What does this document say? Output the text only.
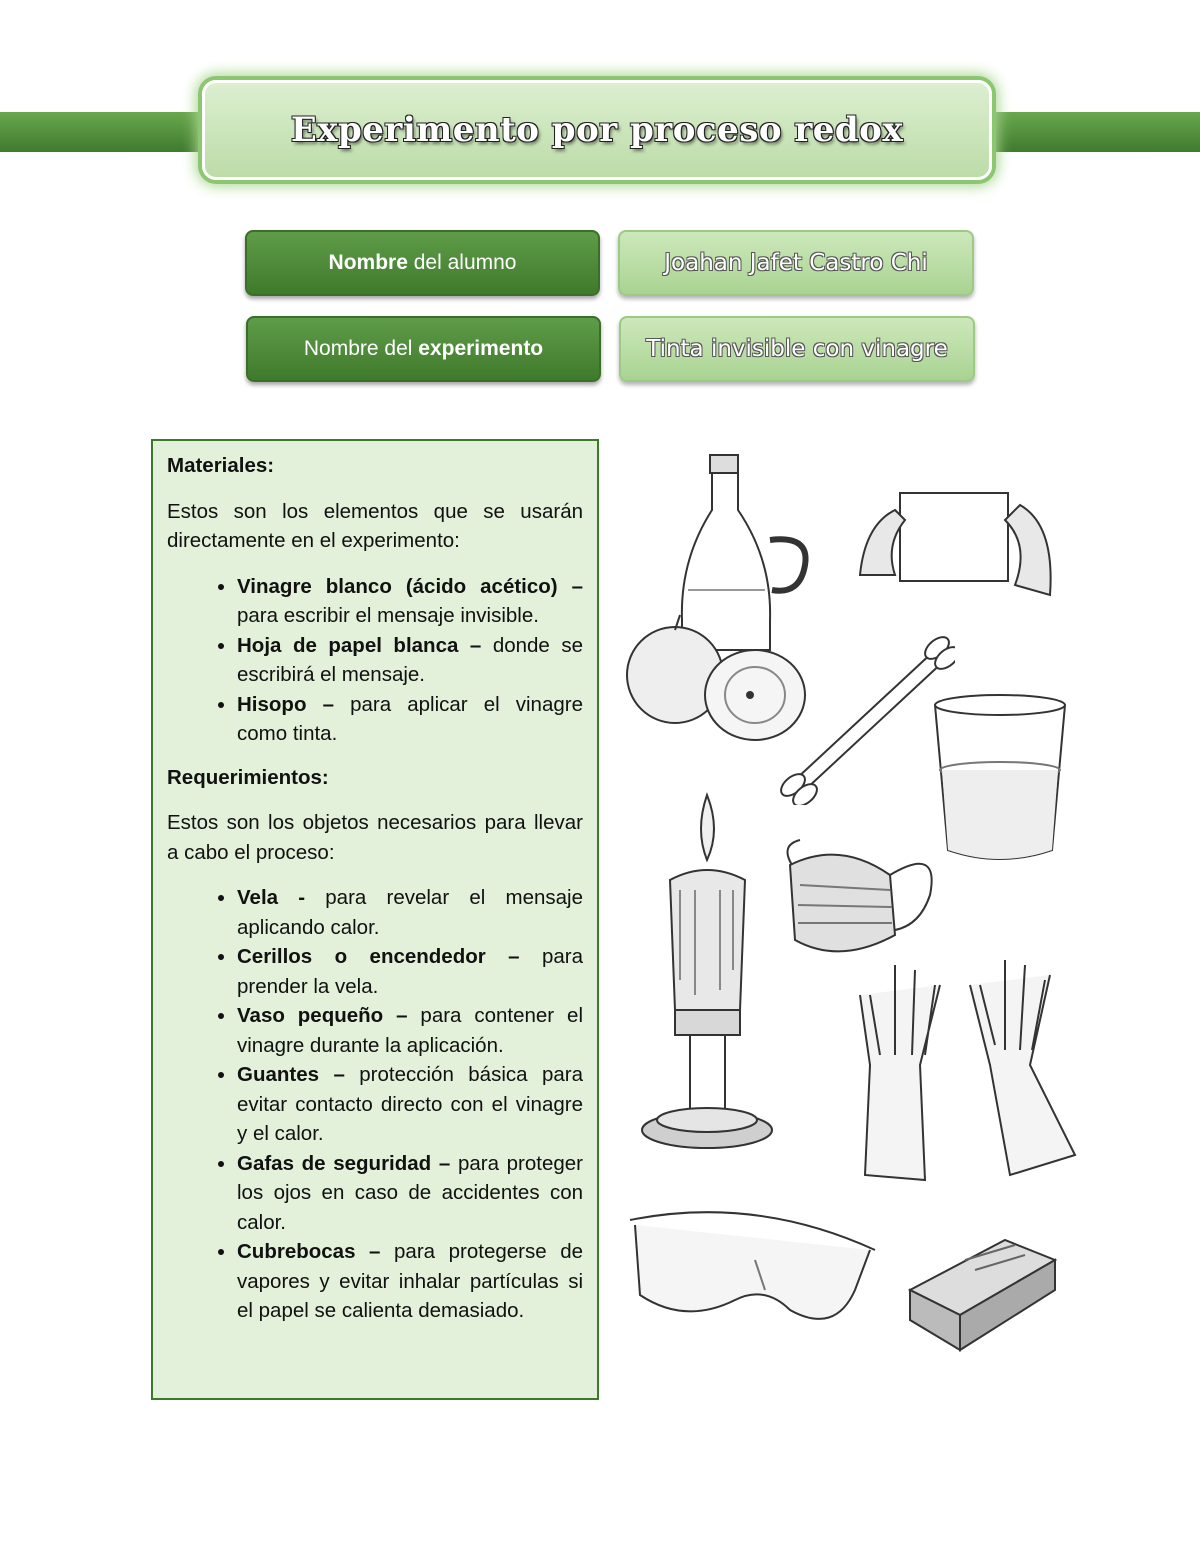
Experimento por proceso redox
Nombre del alumno	Joahan Jafet Castro Chi
Nombre del experimento	Tinta invisible con vinagre
Materiales:

Estos son los elementos que se usarán directamente en el experimento:

• Vinagre blanco (ácido acético) – para escribir el mensaje invisible.
• Hoja de papel blanca – donde se escribirá el mensaje.
• Hisopo – para aplicar el vinagre como tinta.
Requerimientos:

Estos son los objetos necesarios para llevar a cabo el proceso:

• Vela - para revelar el mensaje aplicando calor.
• Cerillos o encendedor – para prender la vela.
• Vaso pequeño – para contener el vinagre durante la aplicación.
• Guantes – protección básica para evitar contacto directo con el vinagre y el calor.
• Gafas de seguridad – para proteger los ojos en caso de accidentes con calor.
• Cubrebocas – para protegerse de vapores y evitar inhalar partículas si el papel se calienta demasiado.
